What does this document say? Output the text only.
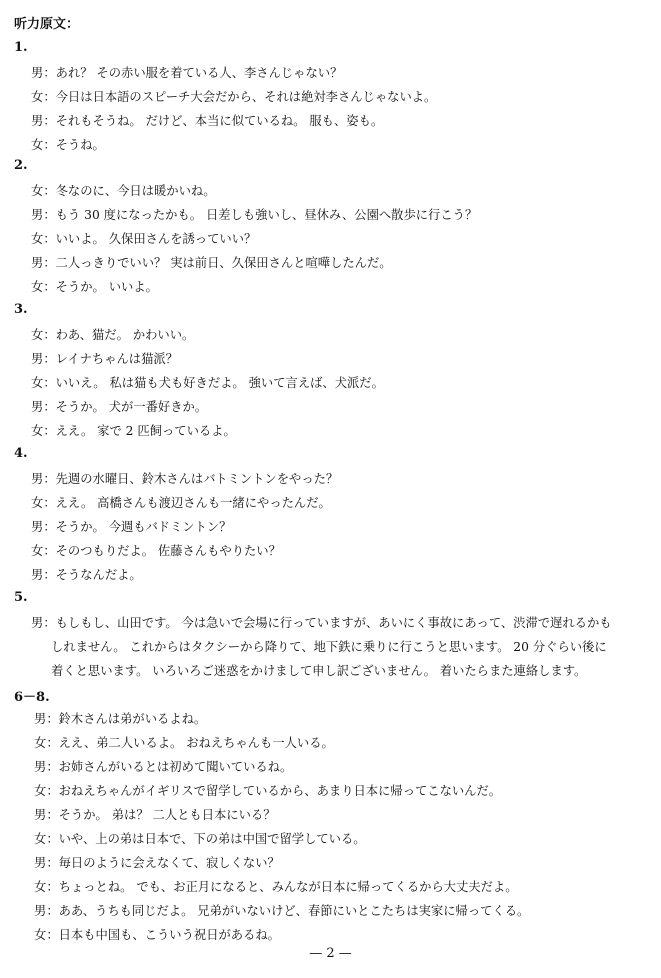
听力原文：
1.
男：あれ？ その赤い服を着ている人、李さんじゃない？
女：今日は日本語のスピーチ大会だから、それは絶対李さんじゃないよ。
男：それもそうね。 だけど、本当に似ているね。 服も、姿も。
女：そうね。
2.
女：冬なのに、今日は暖かいね。
男：もう 30 度になったかも。 日差しも強いし、昼休み、公園へ散歩に行こう？
女：いいよ。 久保田さんを誘っていい？
男：二人っきりでいい？ 実は前日、久保田さんと喧嘩したんだ。
女：そうか。 いいよ。
3.
女：わあ、猫だ。 かわいい。
男：レイナちゃんは猫派？
女：いいえ。 私は猫も犬も好きだよ。 強いて言えば、犬派だ。
男：そうか。 犬が一番好きか。
女：ええ。 家で 2 匹飼っているよ。
4.
男：先週の水曜日、鈴木さんはバトミントンをやった？
女：ええ。 高橋さんも渡辺さんも一緒にやったんだ。
男：そうか。 今週もバドミントン？
女：そのつもりだよ。 佐藤さんもやりたい？
男：そうなんだよ。
5.
男：もしもし、山田です。 今は急いで会場に行っていますが、あいにく事故にあって、渋滞で遅れるかも
しれません。 これからはタクシーから降りて、地下鉄に乗りに行こうと思います。 20 分ぐらい後に
着くと思います。 いろいろご迷惑をかけまして申し訳ございません。 着いたらまた連絡します。
6－8.
男：鈴木さんは弟がいるよね。
女：ええ、弟二人いるよ。 おねえちゃんも一人いる。
男：お姉さんがいるとは初めて聞いているね。
女：おねえちゃんがイギリスで留学しているから、あまり日本に帰ってこないんだ。
男：そうか。 弟は？ 二人とも日本にいる？
女：いや、上の弟は日本で、下の弟は中国で留学している。
男：毎日のように会えなくて、寂しくない？
女：ちょっとね。 でも、お正月になると、みんなが日本に帰ってくるから大丈夫だよ。
男：ああ、うちも同じだよ。 兄弟がいないけど、春節にいとこたちは実家に帰ってくる。
女：日本も中国も、こういう祝日があるね。
— 2 —
